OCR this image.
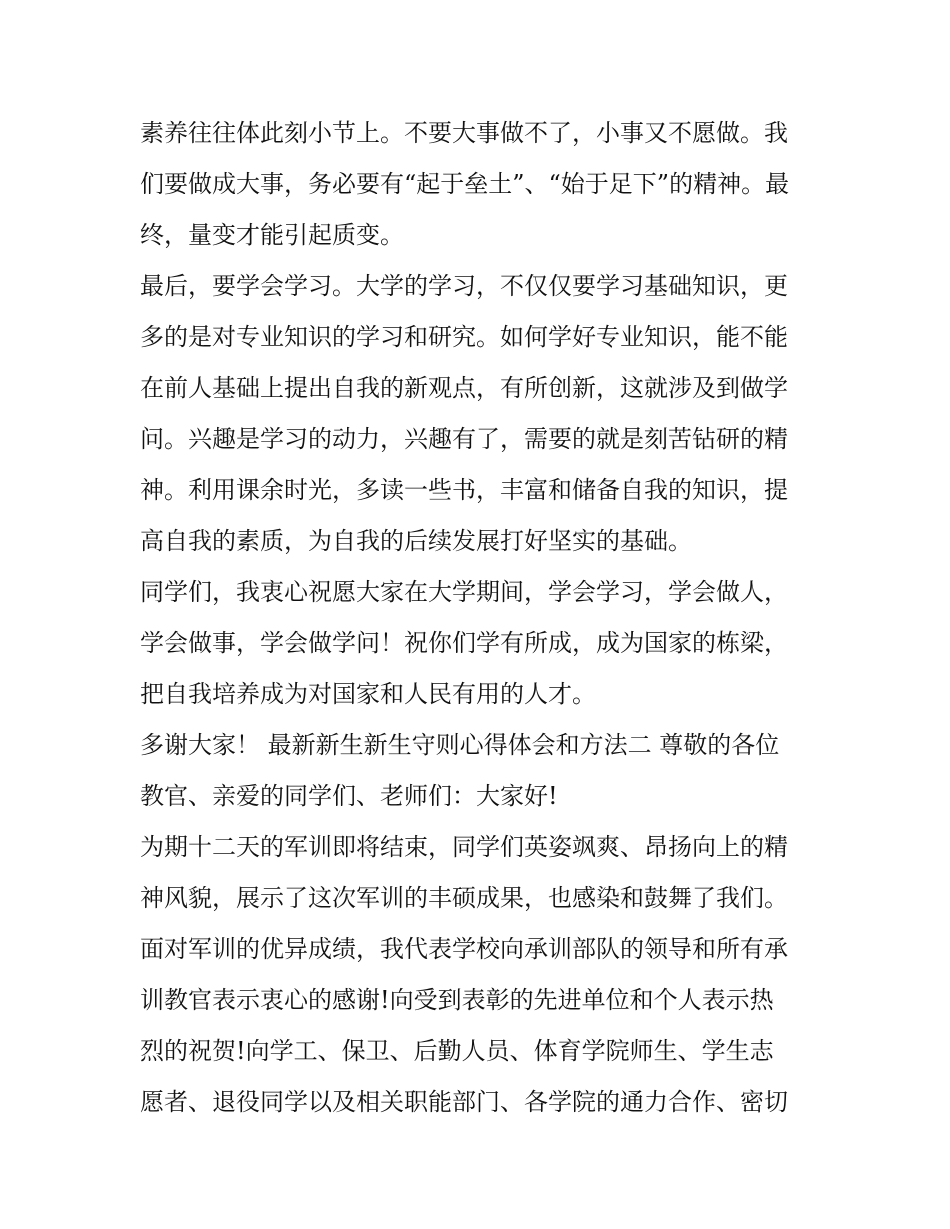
素养往往体此刻小节上。不要大事做不了，小事又不愿做。我
们要做成大事，务必要有“起于垒土”、“始于足下”的精神。最
终，量变才能引起质变。
最后，要学会学习。大学的学习，不仅仅要学习基础知识，更
多的是对专业知识的学习和研究。如何学好专业知识，能不能
在前人基础上提出自我的新观点，有所创新，这就涉及到做学
问。兴趣是学习的动力，兴趣有了，需要的就是刻苦钻研的精
神。利用课余时光，多读一些书，丰富和储备自我的知识，提
高自我的素质，为自我的后续发展打好坚实的基础。
同学们，我衷心祝愿大家在大学期间，学会学习，学会做人，
学会做事，学会做学问！祝你们学有所成，成为国家的栋梁，
把自我培养成为对国家和人民有用的人才。
多谢大家！ 最新新生新生守则心得体会和方法二 尊敬的各位
教官、亲爱的同学们、老师们：大家好!
为期十二天的军训即将结束，同学们英姿飒爽、昂扬向上的精
神风貌，展示了这次军训的丰硕成果，也感染和鼓舞了我们。
面对军训的优异成绩，我代表学校向承训部队的领导和所有承
训教官表示衷心的感谢!向受到表彰的先进单位和个人表示热
烈的祝贺!向学工、保卫、后勤人员、体育学院师生、学生志
愿者、退役同学以及相关职能部门、各学院的通力合作、密切
